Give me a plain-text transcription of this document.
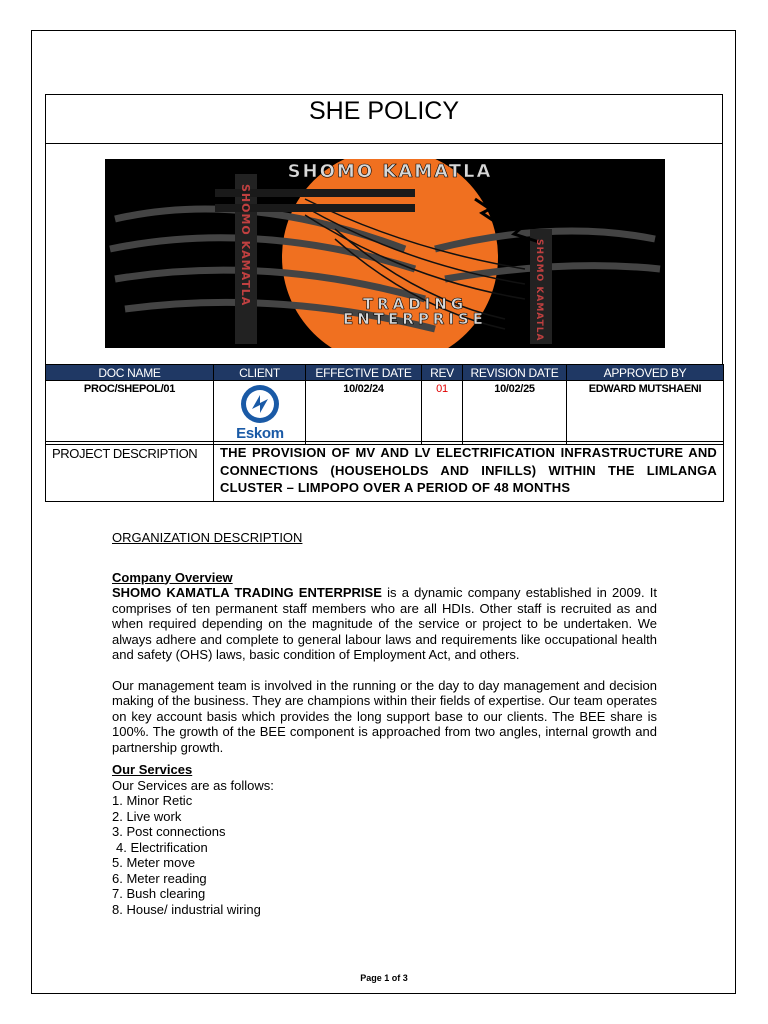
SHE POLICY
SHOMO KAMATLA
TRADING
ENTERPRISE
SHOMO KAMATLA	SHOMO KAMATLA
DOC NAME	CLIENT	EFFECTIVE DATE	REV	REVISION DATE	APPROVED BY
PROC/SHEPOL/01	Eskom	10/02/24	01	10/02/25	EDWARD MUTSHAENI
PROJECT DESCRIPTION	THE PROVISION OF MV AND LV ELECTRIFICATION INFRASTRUCTURE AND CONNECTIONS (HOUSEHOLDS AND INFILLS) WITHIN THE LIMLANGA CLUSTER – LIMPOPO OVER A PERIOD OF 48 MONTHS

ORGANIZATION DESCRIPTION

Company Overview

SHOMO KAMATLA TRADING ENTERPRISE is a dynamic company established in 2009. It comprises of ten permanent staff members who are all HDIs. Other staff is recruited as and when required depending on the magnitude of the service or project to be undertaken. We always adhere and complete to general labour laws and requirements like occupational health and safety (OHS) laws, basic condition of Employment Act, and others.

Our management team is involved in the running or the day to day management and decision making of the business. They are champions within their fields of expertise. Our team operates on key account basis which provides the long support base to our clients. The BEE share is 100%. The growth of the BEE component is approached from two angles, internal growth and partnership growth.

Our Services

Our Services are as follows:

1. Minor Retic

2. Live work

3. Post connections

4. Electrification

5. Meter move

6. Meter reading

7. Bush clearing

8. House/ industrial wiring

Page 1 of 3
